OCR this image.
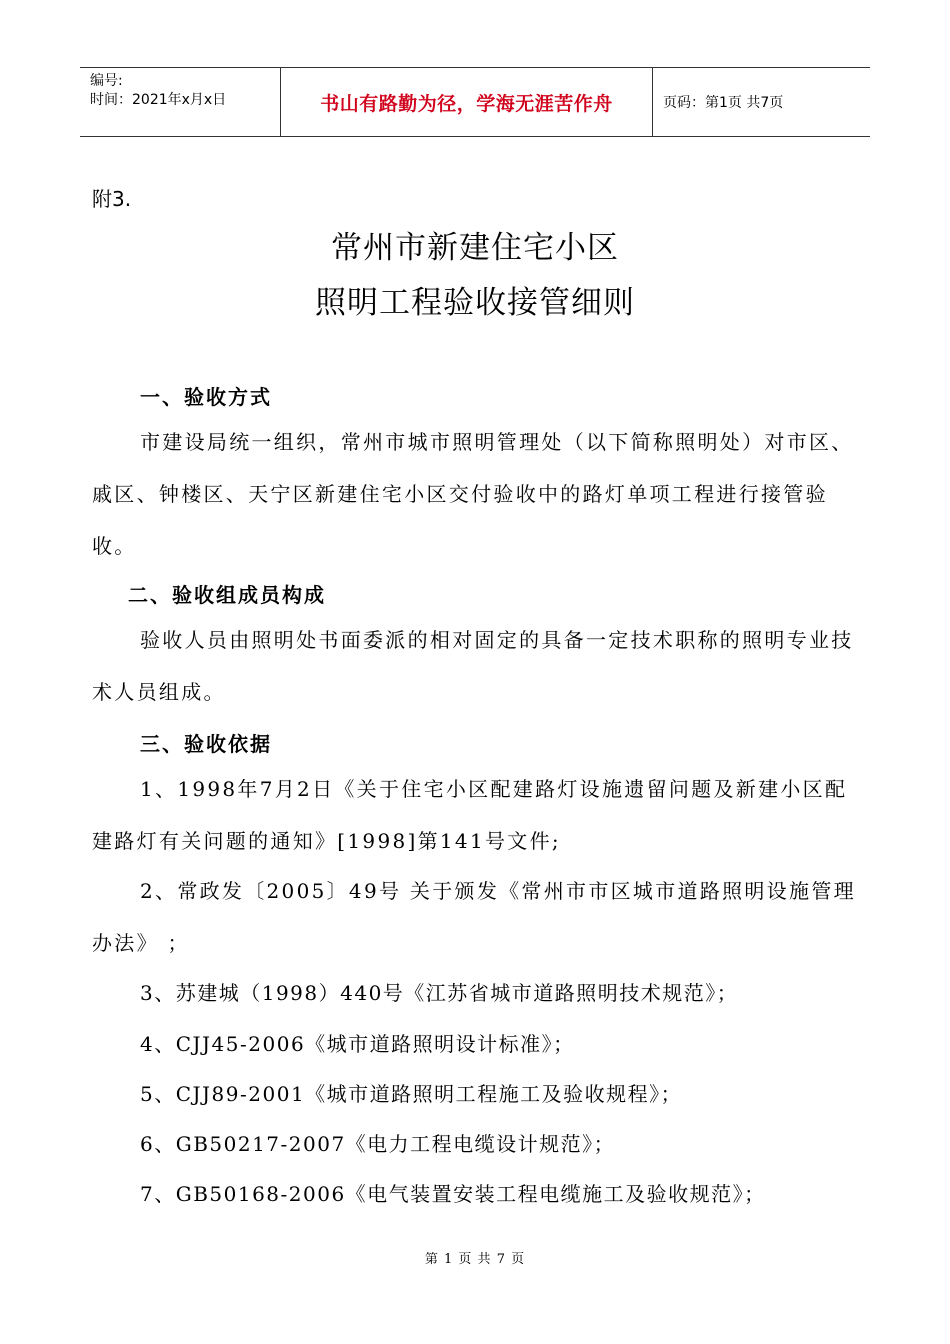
编号:
时间：2021年x月x日	书山有路勤为径，学海无涯苦作舟	页码：第1页 共7页
附3.
常州市新建住宅小区
照明工程验收接管细则
一、验收方式

市建设局统一组织，常州市城市照明管理处（以下简称照明处）对市区、戚区、钟楼区、天宁区新建住宅小区交付验收中的路灯单项工程进行接管验收。

二、验收组成员构成

验收人员由照明处书面委派的相对固定的具备一定技术职称的照明专业技术人员组成。

三、验收依据

1、1998年7月2日《关于住宅小区配建路灯设施遗留问题及新建小区配建路灯有关问题的通知》[1998]第141号文件;

2、常政发〔2005〕49号 关于颁发《常州市市区城市道路照明设施管理办法》 ；

3、苏建城（1998）440号《江苏省城市道路照明技术规范》；
4、CJJ45-2006《城市道路照明设计标准》；
5、CJJ89-2001《城市道路照明工程施工及验收规程》；
6、GB50217-2007《电力工程电缆设计规范》；
7、GB50168-2006《电气装置安装工程电缆施工及验收规范》；
第 1 页 共 7 页
